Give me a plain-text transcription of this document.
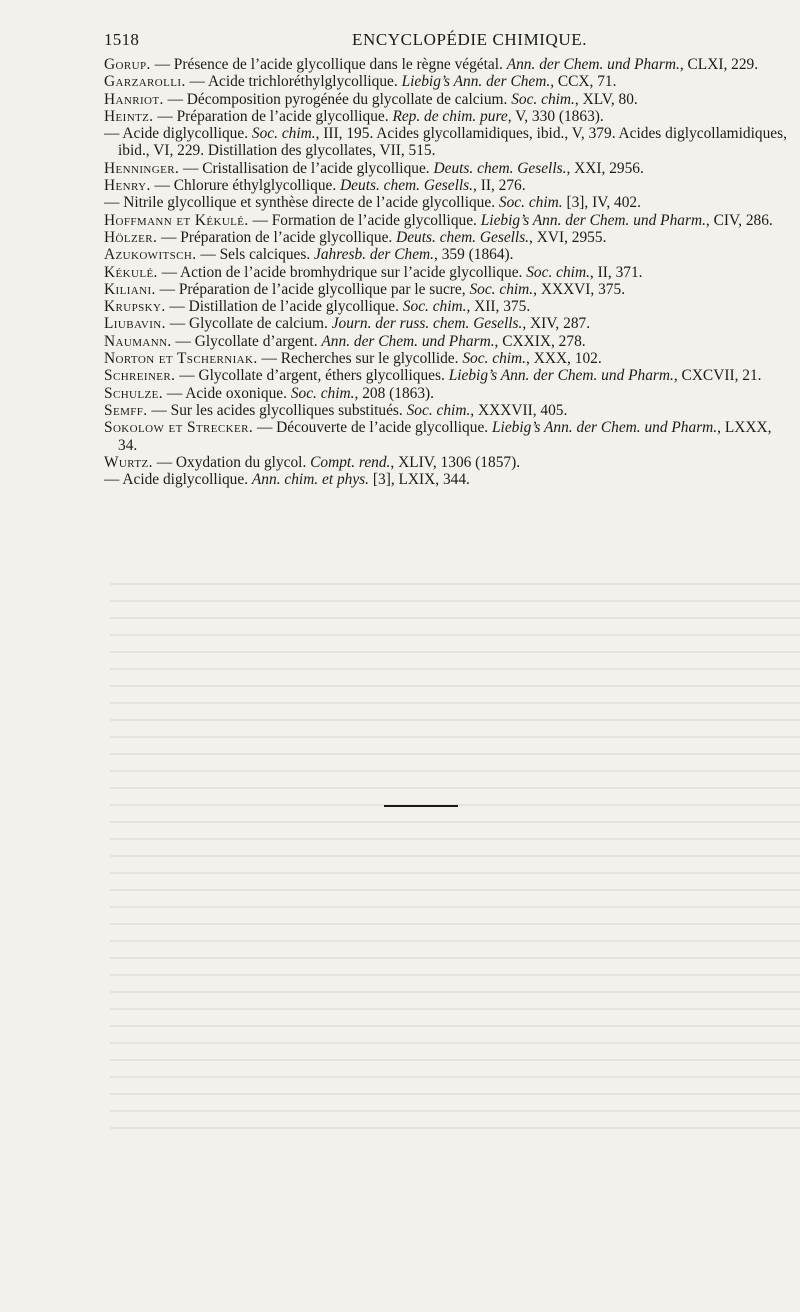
1518	ENCYCLOPÉDIE CHIMIQUE.
Gorup. — Présence de l’acide glycollique dans le règne végétal. Ann. der Chem. und Pharm., CLXI, 229.
Garzarolli. — Acide trichloréthylglycollique. Liebig’s Ann. der Chem., CCX, 71.
Hanriot. — Décomposition pyrogénée du glycollate de calcium. Soc. chim., XLV, 80.
Heintz. — Préparation de l’acide glycollique. Rep. de chim. pure, V, 330 (1863).
— Acide diglycollique. Soc. chim., III, 195. Acides glycollamidiques, ibid., V, 379. Acides diglycollamidiques, ibid., VI, 229. Distillation des glycollates, VII, 515.
Henninger. — Cristallisation de l’acide glycollique. Deuts. chem. Gesells., XXI, 2956.
Henry. — Chlorure éthylglycollique. Deuts. chem. Gesells., II, 276.
— Nitrile glycollique et synthèse directe de l’acide glycollique. Soc. chim. [3], IV, 402.
Hoffmann et Kékulé. — Formation de l’acide glycollique. Liebig’s Ann. der Chem. und Pharm., CIV, 286.
Hölzer. — Préparation de l’acide glycollique. Deuts. chem. Gesells., XVI, 2955.
Azukowitsch. — Sels calciques. Jahresb. der Chem., 359 (1864).
Kékulé. — Action de l’acide bromhydrique sur l’acide glycollique. Soc. chim., II, 371.
Kiliani. — Préparation de l’acide glycollique par le sucre, Soc. chim., XXXVI, 375.
Krupsky. — Distillation de l’acide glycollique. Soc. chim., XII, 375.
Liubavin. — Glycollate de calcium. Journ. der russ. chem. Gesells., XIV, 287.
Naumann. — Glycollate d’argent. Ann. der Chem. und Pharm., CXXIX, 278.
Norton et Tscherniak. — Recherches sur le glycollide. Soc. chim., XXX, 102.
Schreiner. — Glycollate d’argent, éthers glycolliques. Liebig’s Ann. der Chem. und Pharm., CXCVII, 21.
Schulze. — Acide oxonique. Soc. chim., 208 (1863).
Semff. — Sur les acides glycolliques substitués. Soc. chim., XXXVII, 405.
Sokolow et Strecker. — Découverte de l’acide glycollique. Liebig’s Ann. der Chem. und Pharm., LXXX, 34.
Wurtz. — Oxydation du glycol. Compt. rend., XLIV, 1306 (1857).
— Acide diglycollique. Ann. chim. et phys. [3], LXIX, 344.
